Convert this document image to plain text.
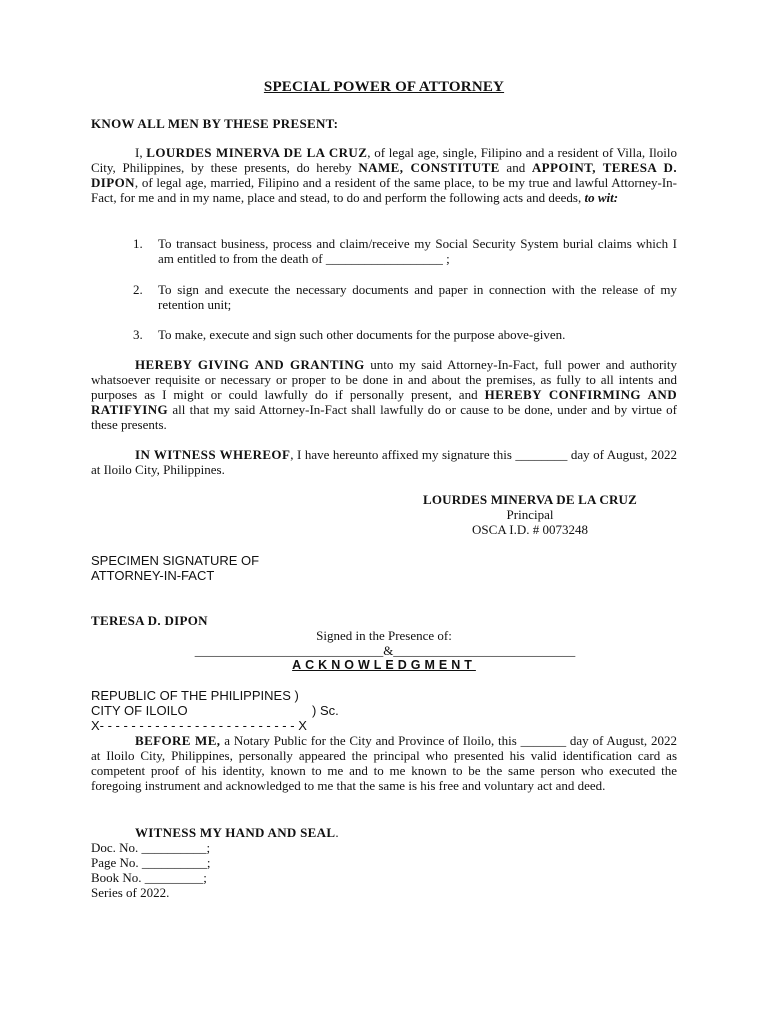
SPECIAL POWER OF ATTORNEY
KNOW ALL MEN BY THESE PRESENT:
I, LOURDES MINERVA DE LA CRUZ, of legal age, single, Filipino and a resident of Villa, Iloilo City, Philippines, by these presents, do hereby NAME, CONSTITUTE and APPOINT, TERESA D. DIPON, of legal age, married, Filipino and a resident of the same place, to be my true and lawful Attorney-In-Fact, for me and in my name, place and stead, to do and perform the following acts and deeds, to wit:
1. To transact business, process and claim/receive my Social Security System burial claims which I am entitled to from the death of __________________ ;
2. To sign and execute the necessary documents and paper in connection with the release of my retention unit;
3. To make, execute and sign such other documents for the purpose above-given.
HEREBY GIVING AND GRANTING unto my said Attorney-In-Fact, full power and authority whatsoever requisite or necessary or proper to be done in and about the premises, as fully to all intents and purposes as I might or could lawfully do if personally present, and HEREBY CONFIRMING AND RATIFYING all that my said Attorney-In-Fact shall lawfully do or cause to be done, under and by virtue of these presents.
IN WITNESS WHEREOF, I have hereunto affixed my signature this ________ day of August, 2022 at Iloilo City, Philippines.
LOURDES MINERVA DE LA CRUZ
Principal
OSCA I.D. # 0073248
SPECIMEN SIGNATURE OF
ATTORNEY-IN-FACT
TERESA D. DIPON
Signed in the Presence of:
_____________________________&____________________________
ACKNOWLEDGMENT
REPUBLIC OF THE PHILIPPINES )
CITY OF ILOILO	) Sc.
X- - - - - - - - - - - - - - - - - - - - - - - - - X
BEFORE ME, a Notary Public for the City and Province of Iloilo, this _______ day of August, 2022 at Iloilo City, Philippines, personally appeared the principal who presented his valid identification card as competent proof of his identity, known to me and to me known to be the same person who executed the foregoing instrument and acknowledged to me that the same is his free and voluntary act and deed.
WITNESS MY HAND AND SEAL.
Doc. No. __________;
Page No. __________;
Book No. _________;
Series of 2022.
